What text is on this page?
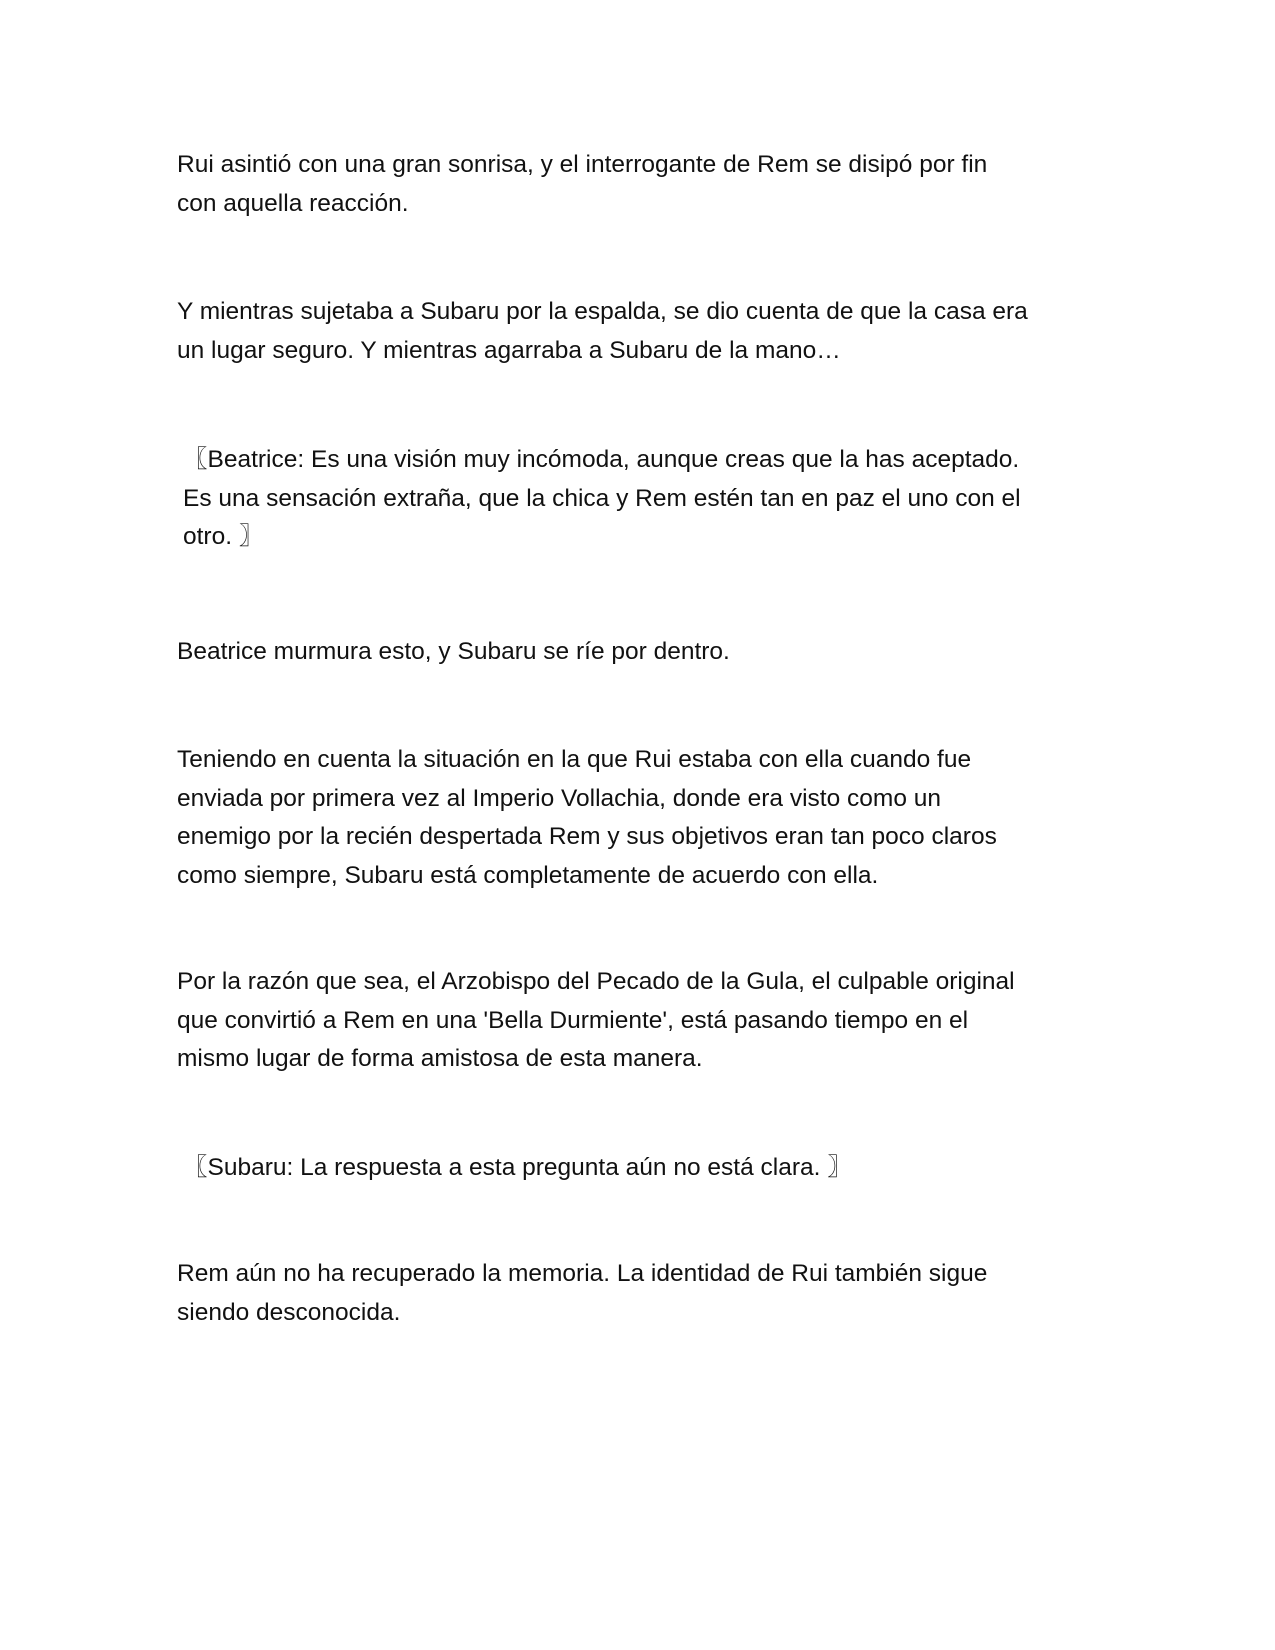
Rui asintió con una gran sonrisa, y el interrogante de Rem se disipó por fin
con aquella reacción.

Y mientras sujetaba a Subaru por la espalda, se dio cuenta de que la casa era
un lugar seguro. Y mientras agarraba a Subaru de la mano…

〖Beatrice: Es una visión muy incómoda, aunque creas que la has aceptado.
Es una sensación extraña, que la chica y Rem estén tan en paz el uno con el
otro. 〗

Beatrice murmura esto, y Subaru se ríe por dentro.

Teniendo en cuenta la situación en la que Rui estaba con ella cuando fue
enviada por primera vez al Imperio Vollachia, donde era visto como un
enemigo por la recién despertada Rem y sus objetivos eran tan poco claros
como siempre, Subaru está completamente de acuerdo con ella.

Por la razón que sea, el Arzobispo del Pecado de la Gula, el culpable original
que convirtió a Rem en una 'Bella Durmiente', está pasando tiempo en el
mismo lugar de forma amistosa de esta manera.

〖Subaru: La respuesta a esta pregunta aún no está clara. 〗

Rem aún no ha recuperado la memoria. La identidad de Rui también sigue
siendo desconocida.
